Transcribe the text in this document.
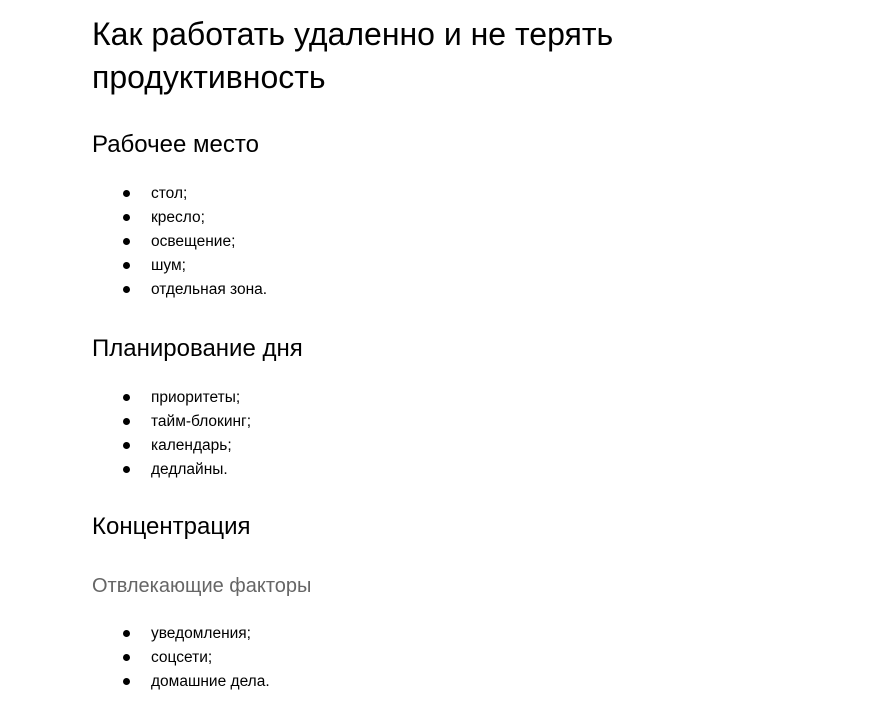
Как работать удаленно и не терять продуктивность
Рабочее место
стол;
кресло;
освещение;
шум;
отдельная зона.
Планирование дня
приоритеты;
тайм-блокинг;
календарь;
дедлайны.
Концентрация
Отвлекающие факторы
уведомления;
соцсети;
домашние дела.
